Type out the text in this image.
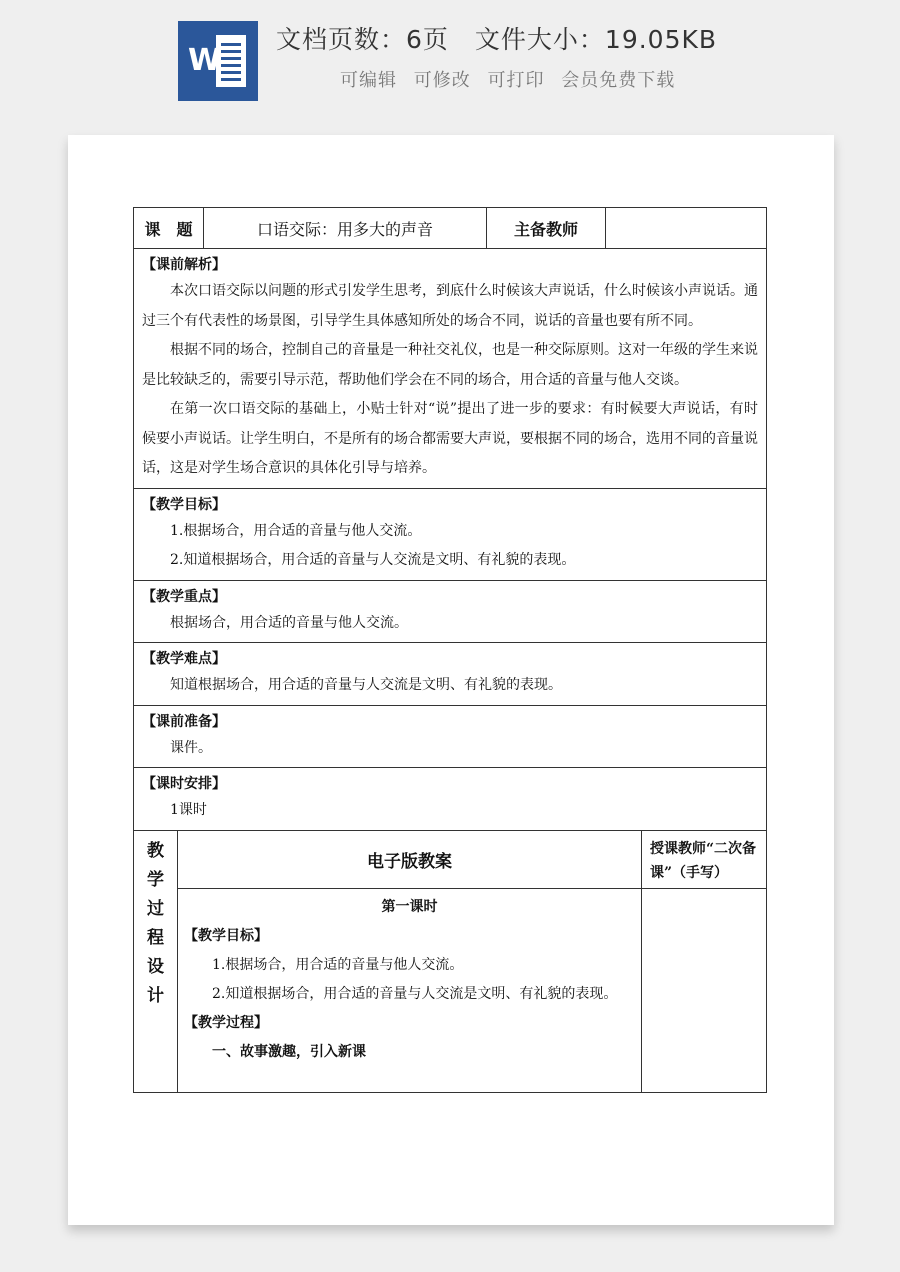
W
文档页数：6页 文件大小：19.05KB
可编辑 可修改 可打印 会员免费下载
课　题	口语交际：用多大的声音	主备教师
【课前解析】

本次口语交际以问题的形式引发学生思考，到底什么时候该大声说话，什么时候该小声说话。通过三个有代表性的场景图，引导学生具体感知所处的场合不同，说话的音量也要有所不同。

根据不同的场合，控制自己的音量是一种社交礼仪，也是一种交际原则。这对一年级的学生来说是比较缺乏的，需要引导示范，帮助他们学会在不同的场合，用合适的音量与他人交谈。

在第一次口语交际的基础上，小贴士针对“说”提出了进一步的要求：有时候要大声说话，有时候要小声说话。让学生明白，不是所有的场合都需要大声说，要根据不同的场合，选用不同的音量说话，这是对学生场合意识的具体化引导与培养。

【教学目标】
1.根据场合，用合适的音量与他人交流。
2.知道根据场合，用合适的音量与人交流是文明、有礼貌的表现。
【教学重点】
根据场合，用合适的音量与他人交流。
【教学难点】
知道根据场合，用合适的音量与人交流是文明、有礼貌的表现。
【课前准备】
课件。
【课时安排】
1课时
教
学
过
程
设
计
电子版教案
第一课时
【教学目标】

1.根据场合，用合适的音量与他人交流。

2.知道根据场合，用合适的音量与人交流是文明、有礼貌的表现。

【教学过程】
一、故事激趣，引入新课
授课教师“二次备课”（手写）
